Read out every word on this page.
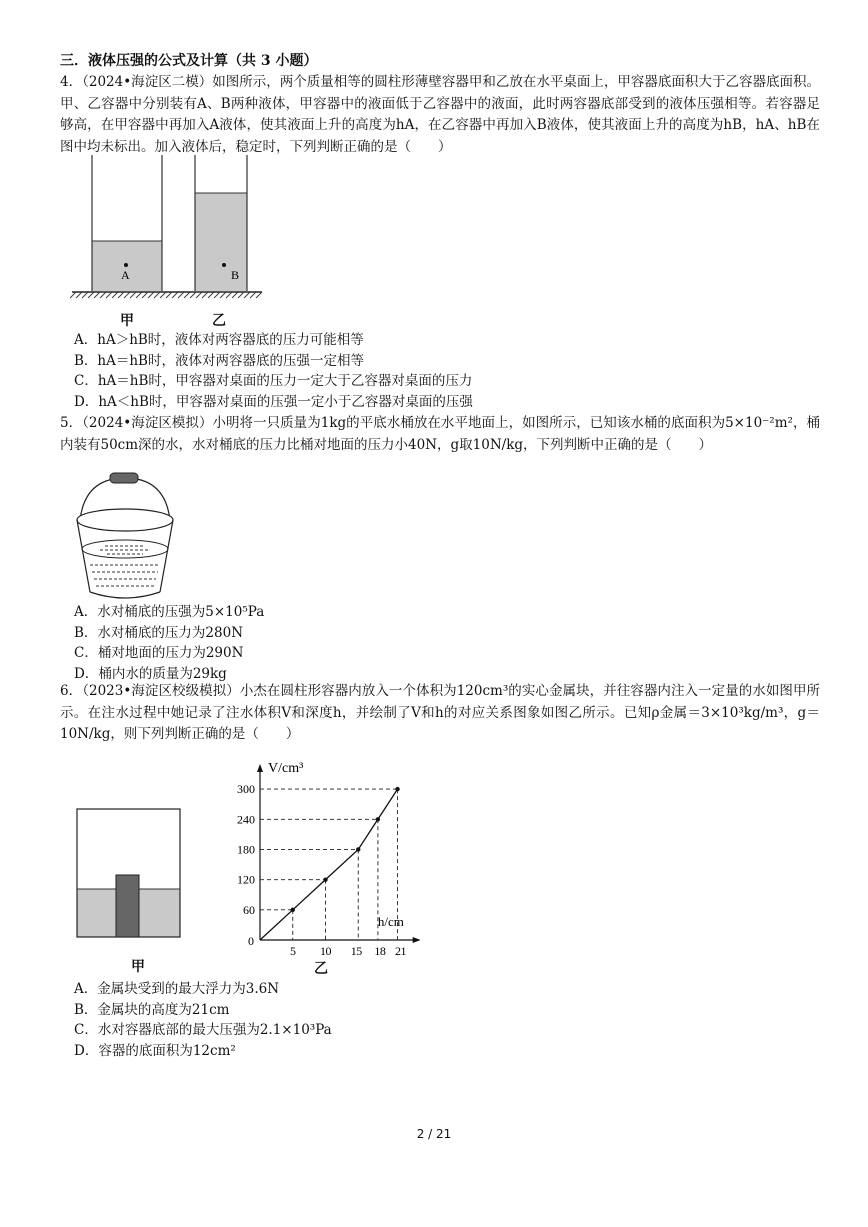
三．液体压强的公式及计算（共 3 小题）

4．（2024•海淀区二模）如图所示，两个质量相等的圆柱形薄壁容器甲和乙放在水平桌面上，甲容器底面积大于乙容器底面积。甲、乙容器中分别装有A、B两种液体，甲容器中的液面低于乙容器中的液面，此时两容器底部受到的液体压强相等。若容器足够高，在甲容器中再加入A液体，使其液面上升的高度为hA，在乙容器中再加入B液体，使其液面上升的高度为hB，hA、hB在图中均未标出。加入液体后，稳定时，下列判断正确的是（　　）

A	B
甲	乙
A．hA＞hB时，液体对两容器底的压力可能相等
B．hA＝hB时，液体对两容器底的压强一定相等
C．hA＝hB时，甲容器对桌面的压力一定大于乙容器对桌面的压力
D．hA＜hB时，甲容器对桌面的压强一定小于乙容器对桌面的压强

5．（2024•海淀区模拟）小明将一只质量为1kg的平底水桶放在水平地面上，如图所示，已知该水桶的底面积为5×10⁻²m²，桶内装有50cm深的水，水对桶底的压力比桶对地面的压力小40N，g取10N/kg，下列判断中正确的是（　　）

A．水对桶底的压强为5×10⁵Pa
B．水对桶底的压力为280N
C．桶对地面的压力为290N
D．桶内水的质量为29kg

6．（2023•海淀区校级模拟）小杰在圆柱形容器内放入一个体积为120cm³的实心金属块，并往容器内注入一定量的水如图甲所示。在注水过程中她记录了注水体积V和深度h，并绘制了V和h的对应关系图象如图乙所示。已知ρ金属＝3×10³kg/m³，g＝10N/kg，则下列判断正确的是（　　）

甲
V/cm³
h/cm
0
60
120
180
240
300
5 10 15 18 21
乙
A．金属块受到的最大浮力为3.6N
B．金属块的高度为21cm
C．水对容器底部的最大压强为2.1×10³Pa
D．容器的底面积为12cm²
2 / 21
